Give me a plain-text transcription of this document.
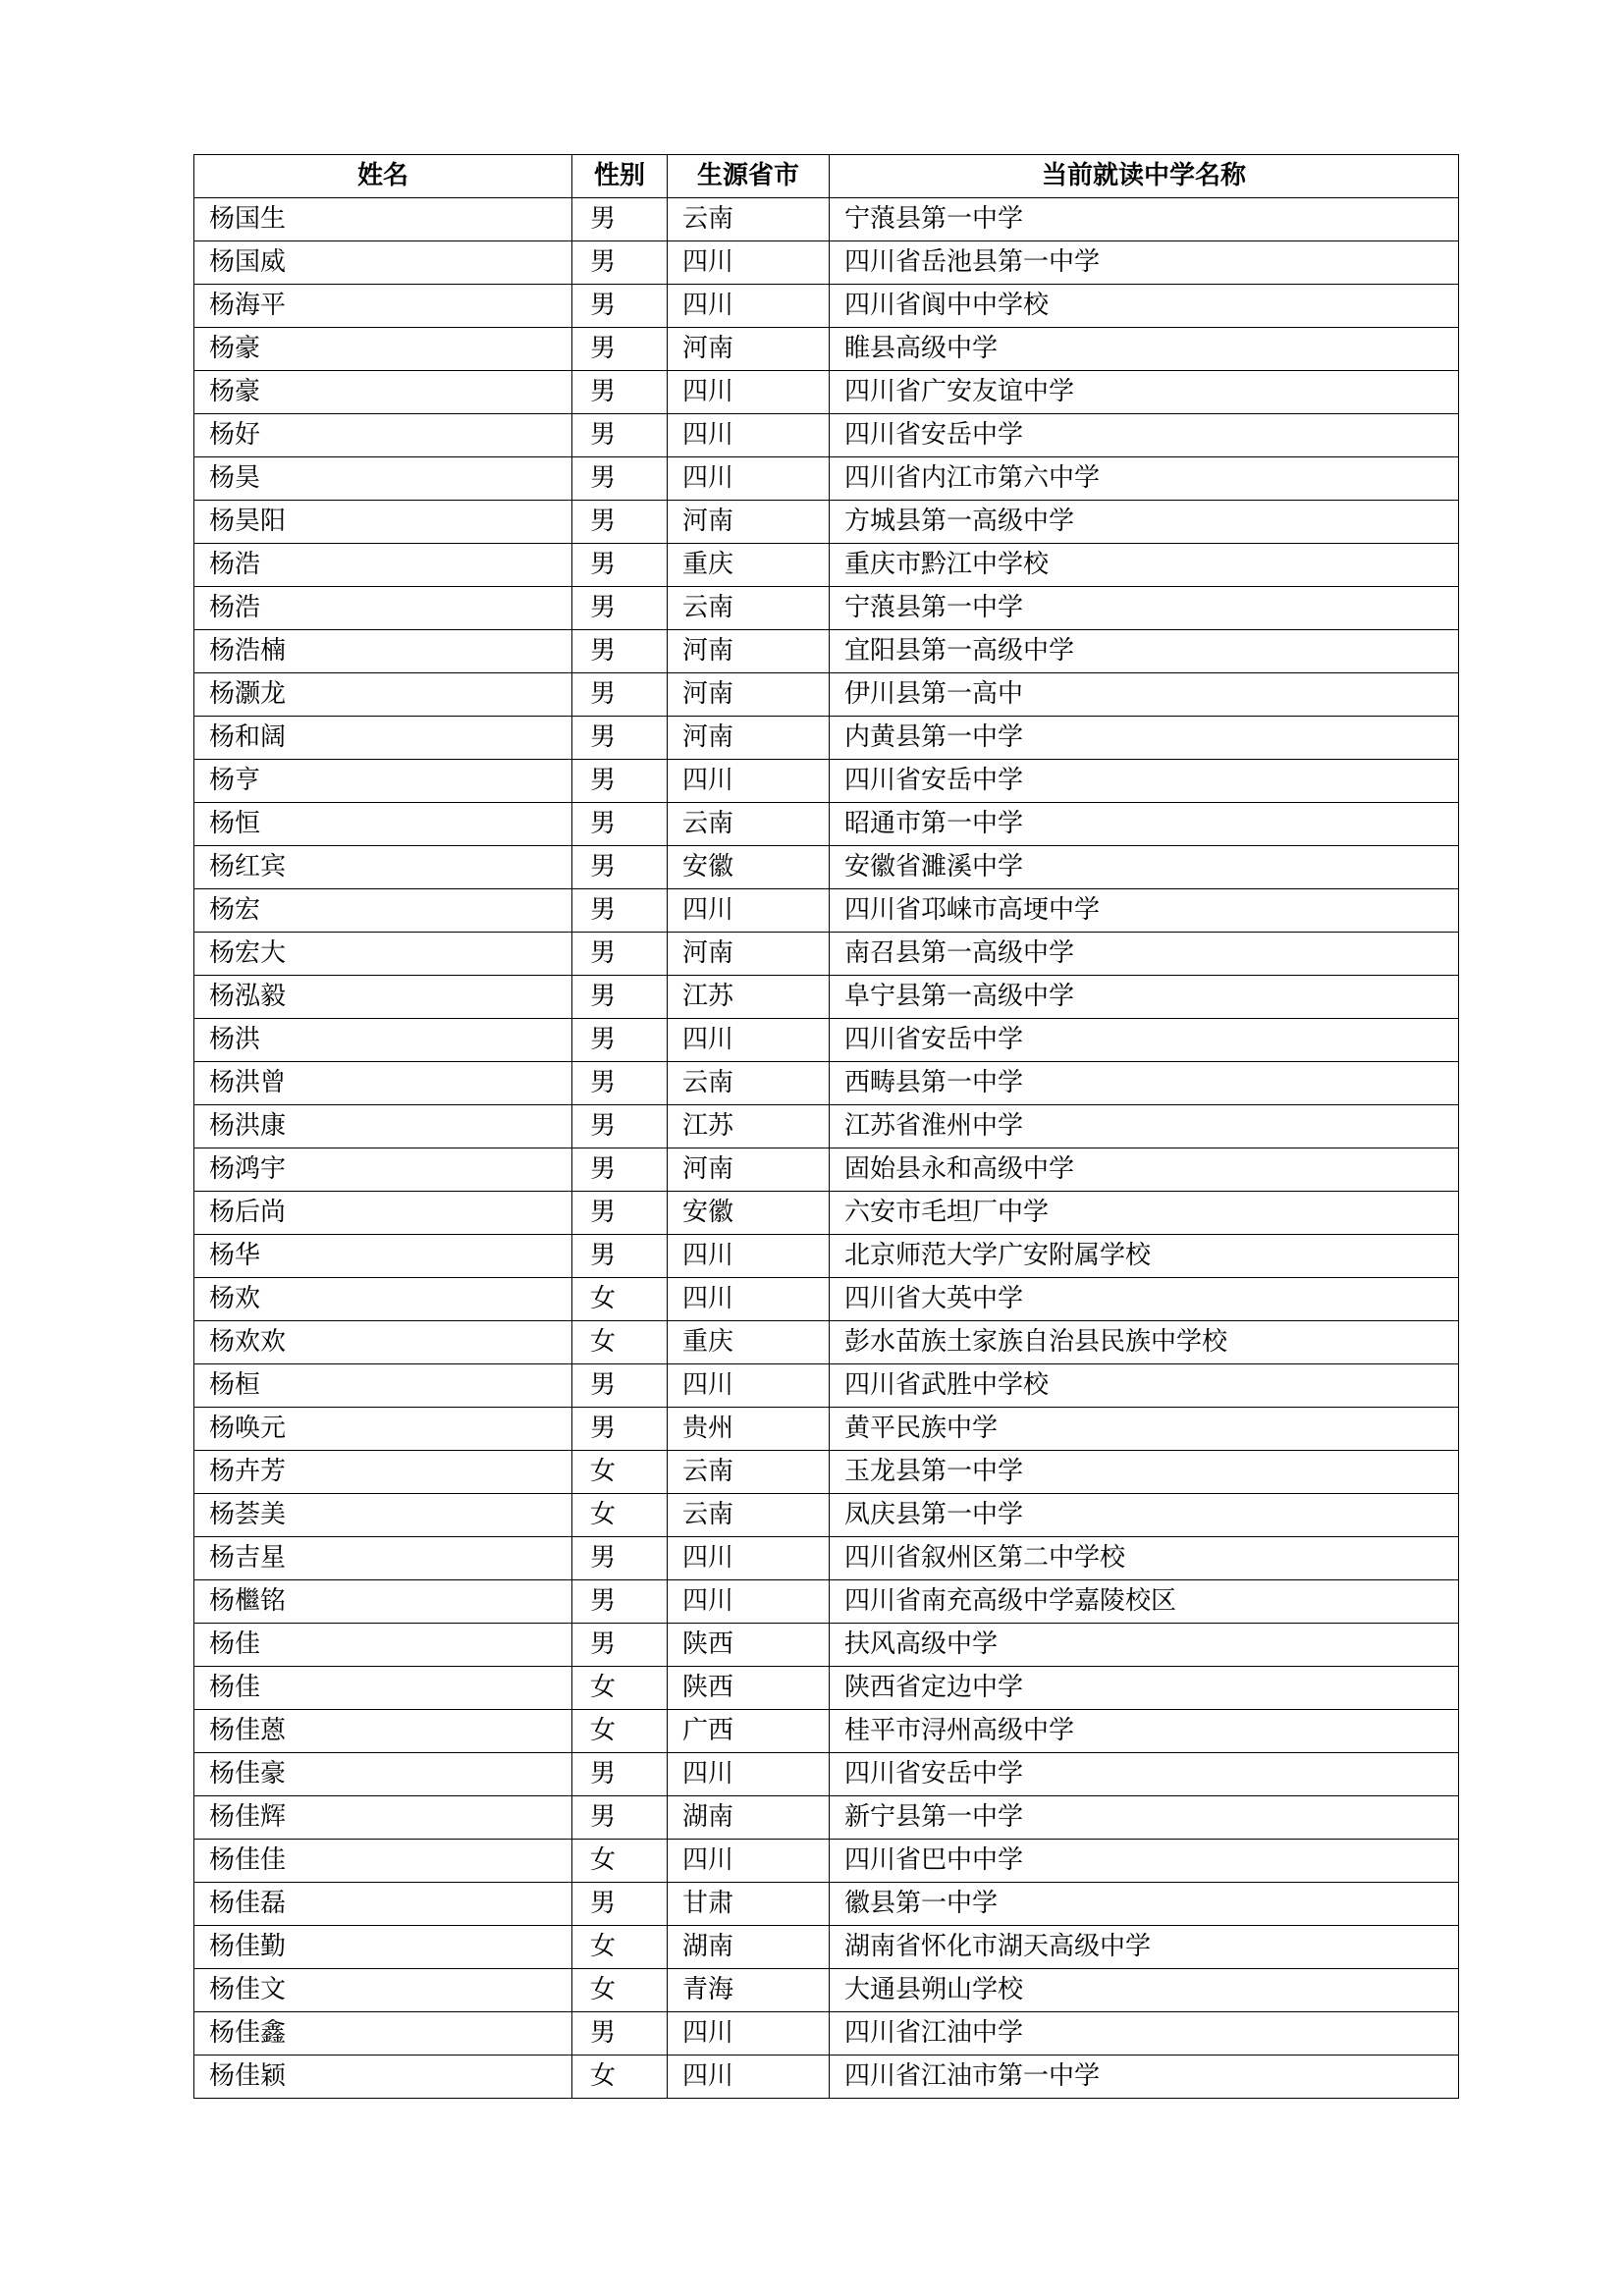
姓名	性别	生源省市	当前就读中学名称
杨国生	男	云南	宁蒗县第一中学
杨国威	男	四川	四川省岳池县第一中学
杨海平	男	四川	四川省阆中中学校
杨豪	男	河南	睢县高级中学
杨豪	男	四川	四川省广安友谊中学
杨好	男	四川	四川省安岳中学
杨昊	男	四川	四川省内江市第六中学
杨昊阳	男	河南	方城县第一高级中学
杨浩	男	重庆	重庆市黔江中学校
杨浩	男	云南	宁蒗县第一中学
杨浩楠	男	河南	宜阳县第一高级中学
杨灏龙	男	河南	伊川县第一高中
杨和阔	男	河南	内黄县第一中学
杨亨	男	四川	四川省安岳中学
杨恒	男	云南	昭通市第一中学
杨红宾	男	安徽	安徽省濉溪中学
杨宏	男	四川	四川省邛崃市高埂中学
杨宏大	男	河南	南召县第一高级中学
杨泓毅	男	江苏	阜宁县第一高级中学
杨洪	男	四川	四川省安岳中学
杨洪曾	男	云南	西畴县第一中学
杨洪康	男	江苏	江苏省淮州中学
杨鸿宇	男	河南	固始县永和高级中学
杨后尚	男	安徽	六安市毛坦厂中学
杨华	男	四川	北京师范大学广安附属学校
杨欢	女	四川	四川省大英中学
杨欢欢	女	重庆	彭水苗族土家族自治县民族中学校
杨桓	男	四川	四川省武胜中学校
杨唤元	男	贵州	黄平民族中学
杨卉芳	女	云南	玉龙县第一中学
杨荟美	女	云南	凤庆县第一中学
杨吉星	男	四川	四川省叙州区第二中学校
杨檵铭	男	四川	四川省南充高级中学嘉陵校区
杨佳	男	陕西	扶风高级中学
杨佳	女	陕西	陕西省定边中学
杨佳蒽	女	广西	桂平市浔州高级中学
杨佳豪	男	四川	四川省安岳中学
杨佳辉	男	湖南	新宁县第一中学
杨佳佳	女	四川	四川省巴中中学
杨佳磊	男	甘肃	徽县第一中学
杨佳勤	女	湖南	湖南省怀化市湖天高级中学
杨佳文	女	青海	大通县朔山学校
杨佳鑫	男	四川	四川省江油中学
杨佳颖	女	四川	四川省江油市第一中学
